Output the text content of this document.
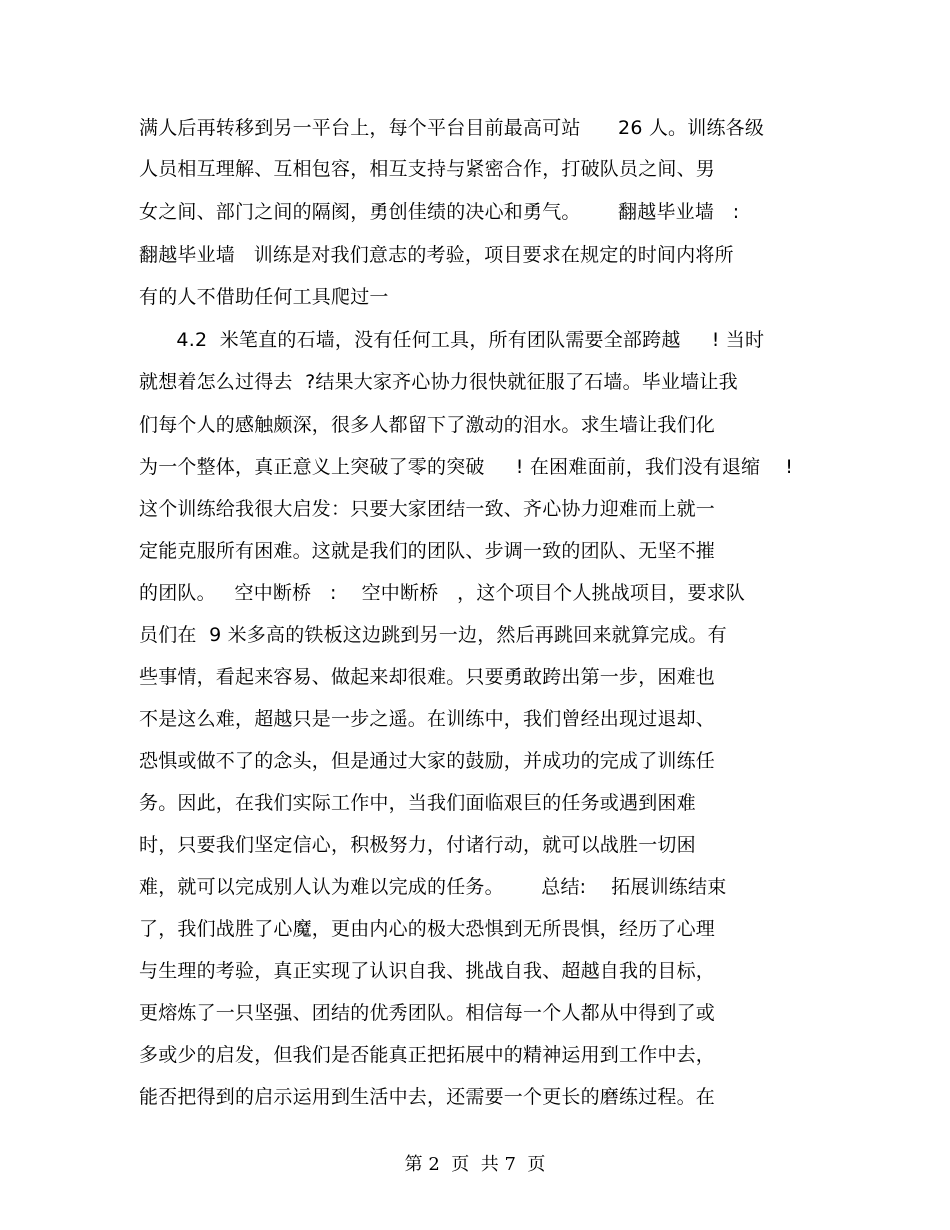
满人后再转移到另一平台上，每个平台目前最高可站      26 人。训练各级
人员相互理解、互相包容，相互支持与紧密合作，打破队员之间、男
女之间、部门之间的隔阂，勇创佳绩的决心和勇气。      翻越毕业墙   :
翻越毕业墙   训练是对我们意志的考验，项目要求在规定的时间内将所
有的人不借助任何工具爬过一
4.2  米笔直的石墙，没有任何工具，所有团队需要全部跨越     ! 当时
就想着怎么过得去  ?结果大家齐心协力很快就征服了石墙。毕业墙让我
们每个人的感触颇深，很多人都留下了激动的泪水。求生墙让我们化
为一个整体，真正意义上突破了零的突破     ! 在困难面前，我们没有退缩    !
这个训练给我很大启发：只要大家团结一致、齐心协力迎难而上就一
定能克服所有困难。这就是我们的团队、步调一致的团队、无坚不摧
的团队。   空中断桥   :    空中断桥   ，这个项目个人挑战项目，要求队
员们在  9 米多高的铁板这边跳到另一边，然后再跳回来就算完成。有
些事情，看起来容易、做起来却很难。只要勇敢跨出第一步，困难也
不是这么难，超越只是一步之遥。在训练中，我们曾经出现过退却、
恐惧或做不了的念头，但是通过大家的鼓励，并成功的完成了训练任
务。因此，在我们实际工作中，当我们面临艰巨的任务或遇到困难
时，只要我们坚定信心，积极努力，付诸行动，就可以战胜一切困
难，就可以完成别人认为难以完成的任务。      总结:    拓展训练结束
了，我们战胜了心魔，更由内心的极大恐惧到无所畏惧，经历了心理
与生理的考验，真正实现了认识自我、挑战自我、超越自我的目标，
更熔炼了一只坚强、团结的优秀团队。相信每一个人都从中得到了或
多或少的启发，但我们是否能真正把拓展中的精神运用到工作中去，
能否把得到的启示运用到生活中去，还需要一个更长的磨练过程。在
第 2  页  共 7  页
